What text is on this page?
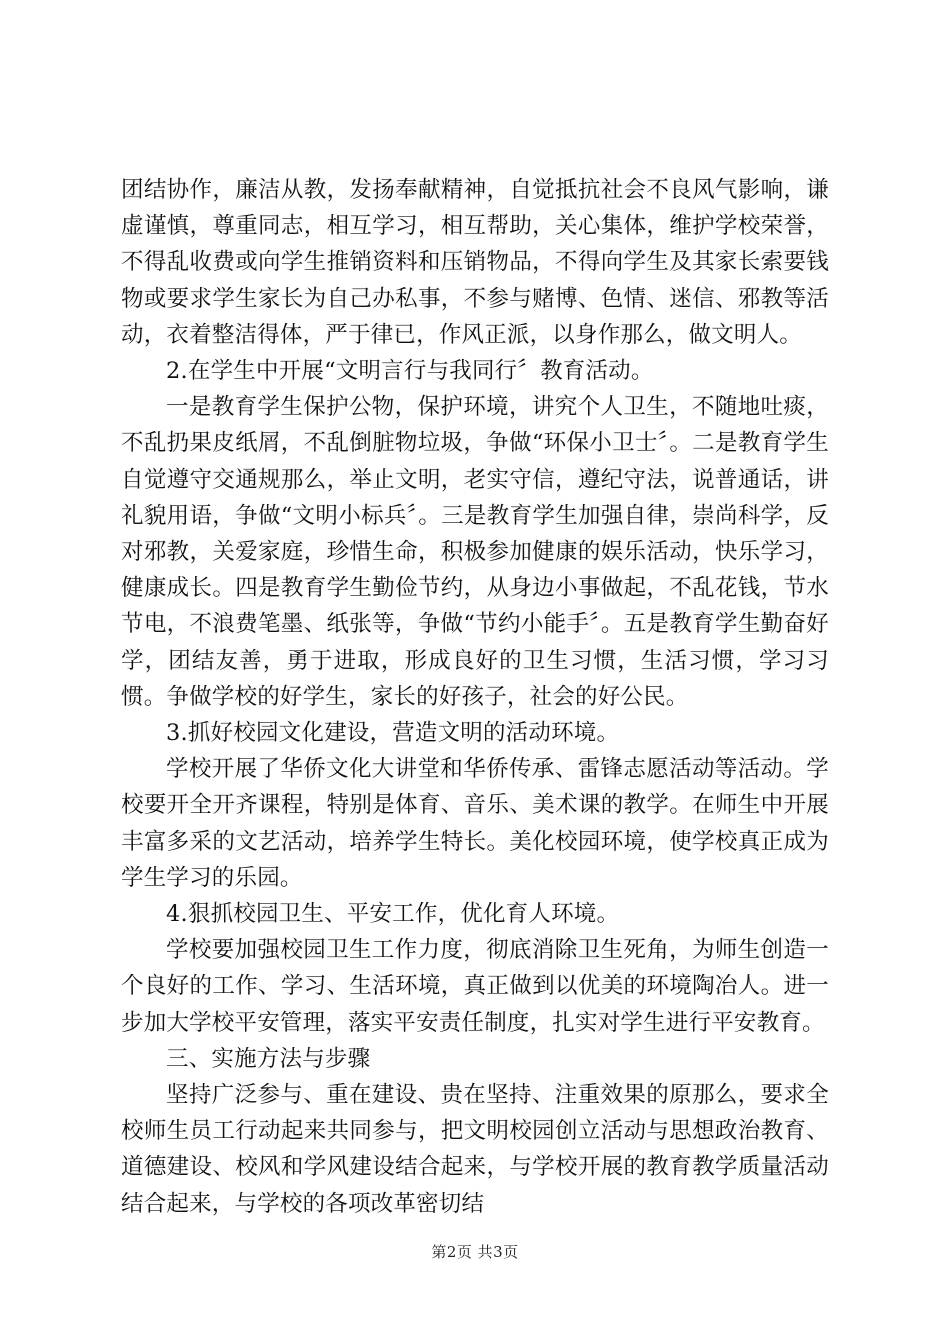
团结协作，廉洁从教，发扬奉献精神，自觉抵抗社会不良风气影响，谦虚谨慎，尊重同志，相互学习，相互帮助，关心集体，维护学校荣誉，不得乱收费或向学生推销资料和压销物品，不得向学生及其家长索要钱物或要求学生家长为自己办私事，不参与赌博、色情、迷信、邪教等活动，衣着整洁得体，严于律已，作风正派，以身作那么，做文明人。

2.在学生中开展“文明言行与我同行〞教育活动。

一是教育学生保护公物，保护环境，讲究个人卫生，不随地吐痰，不乱扔果皮纸屑，不乱倒脏物垃圾，争做“环保小卫士〞。二是教育学生自觉遵守交通规那么，举止文明，老实守信，遵纪守法，说普通话，讲礼貌用语，争做“文明小标兵〞。三是教育学生加强自律，崇尚科学，反对邪教，关爱家庭，珍惜生命，积极参加健康的娱乐活动，快乐学习，健康成长。四是教育学生勤俭节约，从身边小事做起，不乱花钱，节水节电，不浪费笔墨、纸张等，争做“节约小能手〞。五是教育学生勤奋好学，团结友善，勇于进取，形成良好的卫生习惯，生活习惯，学习习惯。争做学校的好学生，家长的好孩子，社会的好公民。

3.抓好校园文化建设，营造文明的活动环境。

学校开展了华侨文化大讲堂和华侨传承、雷锋志愿活动等活动。学校要开全开齐课程，特别是体育、音乐、美术课的教学。在师生中开展丰富多采的文艺活动，培养学生特长。美化校园环境，使学校真正成为学生学习的乐园。

4.狠抓校园卫生、平安工作，优化育人环境。

学校要加强校园卫生工作力度，彻底消除卫生死角，为师生创造一个良好的工作、学习、生活环境，真正做到以优美的环境陶冶人。进一步加大学校平安管理，落实平安责任制度，扎实对学生进行平安教育。

三、实施方法与步骤

坚持广泛参与、重在建设、贵在坚持、注重效果的原那么，要求全校师生员工行动起来共同参与，把文明校园创立活动与思想政治教育、道德建设、校风和学风建设结合起来，与学校开展的教育教学质量活动结合起来，与学校的各项改革密切结

第2页 共3页
